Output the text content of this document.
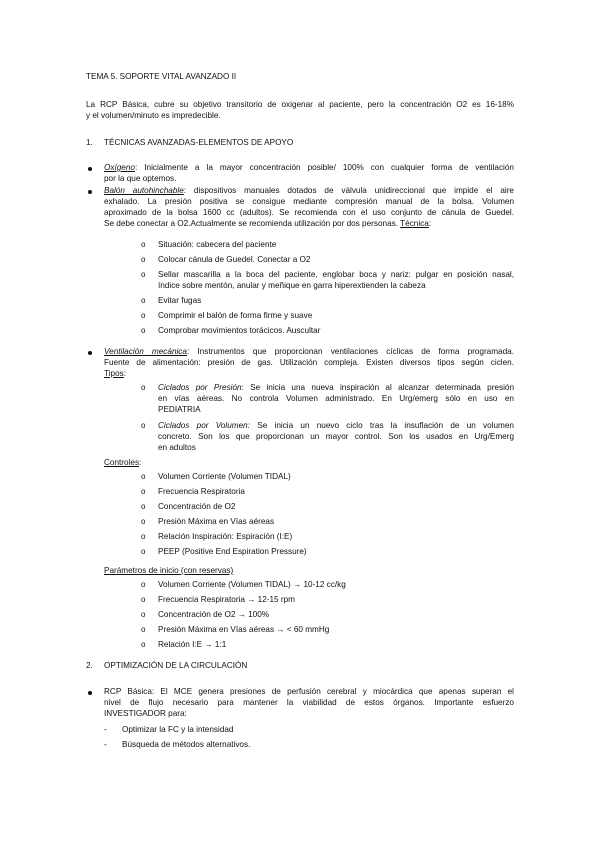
TEMA 5. SOPORTE VITAL AVANZADO II
La RCP Básica, cubre su objetivo transitorio de oxigenar al paciente, pero la concentración O2 es 16-18%
y el volumen/minuto es impredecible.
1. TÉCNICAS AVANZADAS-ELEMENTOS DE APOYO
Oxígeno: Inicialmente a la mayor concentración posible/ 100% con cualquier forma de ventilación
por la que optemos.
Balón autohinchable: dispositivos manuales dotados de válvula unidireccional que impide el aire
exhalado. La presión positiva se consigue mediante compresión manual de la bolsa. Volumen
aproximado de la bolsa 1600 cc (adultos). Se recomienda con el uso conjunto de cánula de Guedel.
Se debe conectar a O2.Actualmente se recomienda utilización por dos personas. Técnica:
o Situación: cabecera del paciente
o Colocar cánula de Guedel. Conectar a O2
o Sellar mascarilla a la boca del paciente, englobar boca y nariz: pulgar en posición nasal,
índice sobre mentón, anular y meñique en garra hiperextienden la cabeza
o Evitar fugas
o Comprimir el balón de forma firme y suave
o Comprobar movimientos torácicos. Auscultar
Ventilación mecánica: Instrumentos que proporcionan ventilaciones cíclicas de forma programada.
Fuente de alimentación: presión de gas. Utilización compleja. Existen diversos tipos según ciclen.
Tipos:
o Ciclados por Presión: Se inicia una nueva inspiración al alcanzar determinada presión
en vías aéreas. No controla Volumen administrado. En Urg/emerg sólo en uso en
PEDIATRIA
o Ciclados por Volumen: Se inicia un nuevo ciclo tras la insuflación de un volumen
concreto. Son los que proporcionan un mayor control. Son los usados en Urg/Emerg
en adultos
Controles:
o Volumen Corriente (Volumen TIDAL)
o Frecuencia Respiratoria
o Concentración de O2
o Presión Máxima en Vías aéreas
o Relación Inspiración: Espiración (I:E)
o PEEP (Positive End Espiration Pressure)
Parámetros de inicio (con reservas)
o Volumen Corriente (Volumen TIDAL) → 10-12 cc/kg
o Frecuencia Respiratoria → 12-15 rpm
o Concentración de O2 → 100%
o Presión Máxima en Vías aéreas → < 60 mmHg
o Relación I:E → 1:1
2. OPTIMIZACIÓN DE LA CIRCULACIÓN
RCP Básica: El MCE genera presiones de perfusión cerebral y miocárdica que apenas superan el
nivel de flujo necesario para mantener la viabilidad de estos órganos. Importante esfuerzo
INVESTIGADOR para:
- Optimizar la FC y la intensidad
- Búsqueda de métodos alternativos.
